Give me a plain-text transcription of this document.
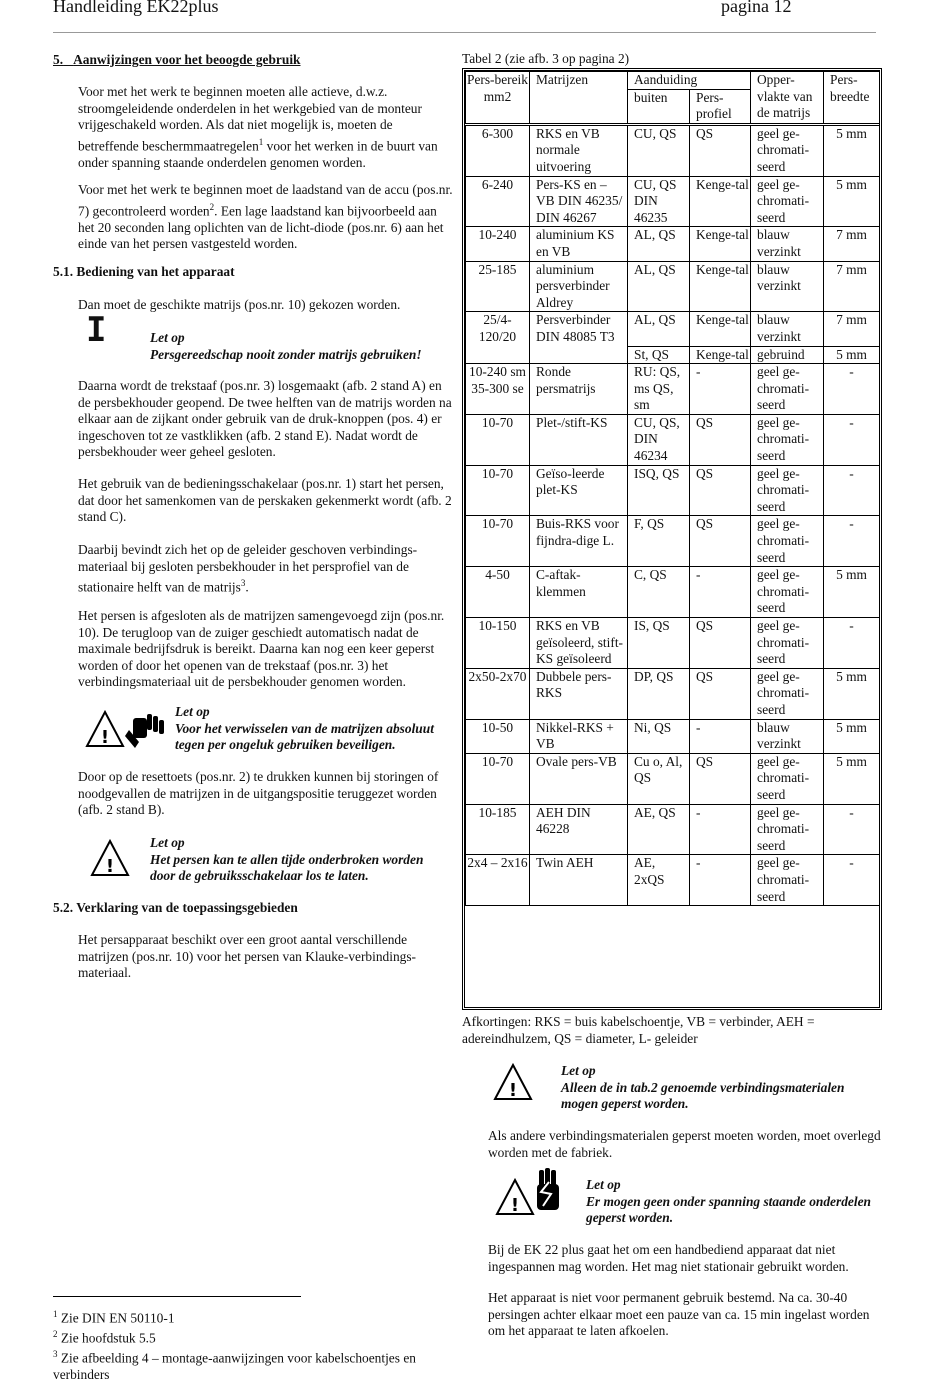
Handleiding EK22plus	pagina 12
5. Aanwijzingen voor het beoogde gebruik

Voor met het werk te beginnen moeten alle actieve, d.w.z. stroomgeleidende onderdelen in het werkgebied van de monteur vrijgeschakeld worden. Als dat niet mogelijk is, moeten de betreffende beschermmaatregelen$^1$ voor het werken in de buurt van onder spanning staande onderdelen genomen worden.

Voor met het werk te beginnen moet de laadstand van de accu (pos.nr. 7) gecontroleerd worden$^2$. Een lage laadstand kan bijvoorbeeld aan het 20 seconden lang oplichten van de licht-diode (pos.nr. 6) aan het einde van het persen vastgesteld worden.

5.1. Bediening van het apparaat

Dan moet de geschikte matrijs (pos.nr. 10) gekozen worden.

I	Let op
Persgereedschap nooit zonder matrijs gebruiken!

Daarna wordt de trekstaaf (pos.nr. 3) losgemaakt (afb. 2 stand A) en de persbekhouder geopend. De twee helften van de matrijs worden na elkaar aan de zijkant onder gebruik van de druk-knoppen (pos. 4) er ingeschoven tot ze vastklikken (afb. 2 stand E). Nadat wordt de persbekhouder weer geheel gesloten.

Het gebruik van de bedieningsschakelaar (pos.nr. 1) start het persen, dat door het samenkomen van de perskaken gekenmerkt wordt (afb. 2 stand C).

Daarbij bevindt zich het op de geleider geschoven verbindings-materiaal bij gesloten persbekhouder in het persprofiel van de stationaire helft van de matrijs$^3$.

Het persen is afgesloten als de matrijzen samengevoegd zijn (pos.nr. 10). De terugloop van de zuiger geschiedt automatisch nadat de maximale bedrijfsdruk is bereikt. Daarna kan nog een keer geperst worden of door het openen van de trekstaaf (pos.nr. 3) het verbindingsmateriaal uit de persbekhouder genomen worden.

!
Let op
Voor het verwisselen van de matrijzen absoluut tegen per ongeluk gebruiken beveiligen.

Door op de resettoets (pos.nr. 2) te drukken kunnen bij storingen of noodgevallen de matrijzen in de uitgangspositie teruggezet worden (afb. 2 stand B).

!
Let op
Het persen kan te allen tijde onderbroken worden door de gebruiksschakelaar los te laten.
5.2. Verklaring van de toepassingsgebieden

Het persapparaat beschikt over een groot aantal verschillende matrijzen (pos.nr. 10) voor het persen van Klauke-verbindings-materiaal.

$^1$ Zie DIN EN 50110-1
$^2$ Zie hoofdstuk 5.5
$^3$ Zie afbeelding 4 – montage-aanwijzingen voor kabelschoentjes en verbinders
Tabel 2 (zie afb. 3 op pagina 2)
Pers-bereik mm2	Matrijzen	Aanduiding		Opper-vlakte van de matrijs	Pers-breedte
		buiten	Pers-profiel		
6-300	RKS en VB normale uitvoering	CU, QS	QS	geel ge-chromati-seerd	5 mm
6-240	Pers-KS en – VB DIN 46235/ DIN 46267	CU, QS DIN 46235	Kenge-tal	geel ge-chromati-seerd	5 mm
10-240	aluminium KS en VB	AL, QS	Kenge-tal	blauw verzinkt	7 mm
25-185	aluminium persverbinder Aldrey	AL, QS	Kenge-tal	blauw verzinkt	7 mm
25/4-120/20	Persverbinder DIN 48085 T3	AL, QS	Kenge-tal	blauw verzinkt	7 mm
		St, QS	Kenge-tal	gebruind	5 mm
10-240 sm 35-300 se	Ronde persmatrijs	RU: QS, ms QS, sm	-	geel ge-chromati-seerd	-
10-70	Plet-/stift-KS	CU, QS, DIN 46234	QS	geel ge-chromati-seerd	-
10-70	Geïso-leerde plet-KS	ISQ, QS	QS	geel ge-chromati-seerd	-
10-70	Buis-RKS voor fijndra-dige L.	F, QS	QS	geel ge-chromati-seerd	-
4-50	C-aftak-klemmen	C, QS	-	geel ge-chromati-seerd	5 mm
10-150	RKS en VB geïsoleerd, stift-KS geïsoleerd	IS, QS	QS	geel ge-chromati-seerd	-
2x50-2x70	Dubbele pers-RKS	DP, QS	QS	geel ge-chromati-seerd	5 mm
10-50	Nikkel-RKS + VB	Ni, QS	-	blauw verzinkt	5 mm
10-70	Ovale pers-VB	Cu o, Al, QS	QS	geel ge-chromati-seerd	5 mm
10-185	AEH DIN 46228	AE, QS	-	geel ge-chromati-seerd	-
2x4 – 2x16	Twin AEH	AE, 2xQS	-	geel ge-chromati-seerd	-
Afkortingen: RKS = buis kabelschoentje, VB = verbinder, AEH = adereindhulzem, QS = diameter, L- geleider
!
Let op
Alleen de in tab.2 genoemde verbindingsmaterialen mogen geperst worden.

Als andere verbindingsmaterialen geperst moeten worden, moet overlegd worden met de fabriek.

!
Let op
Er mogen geen onder spanning staande onderdelen geperst worden.

Bij de EK 22 plus gaat het om een handbediend apparaat dat niet ingespannen mag worden. Het mag niet stationair gebruikt worden.

Het apparaat is niet voor permanent gebruik bestemd. Na ca. 30-40 persingen achter elkaar moet een pauze van ca. 15 min ingelast worden om het apparaat te laten afkoelen.
